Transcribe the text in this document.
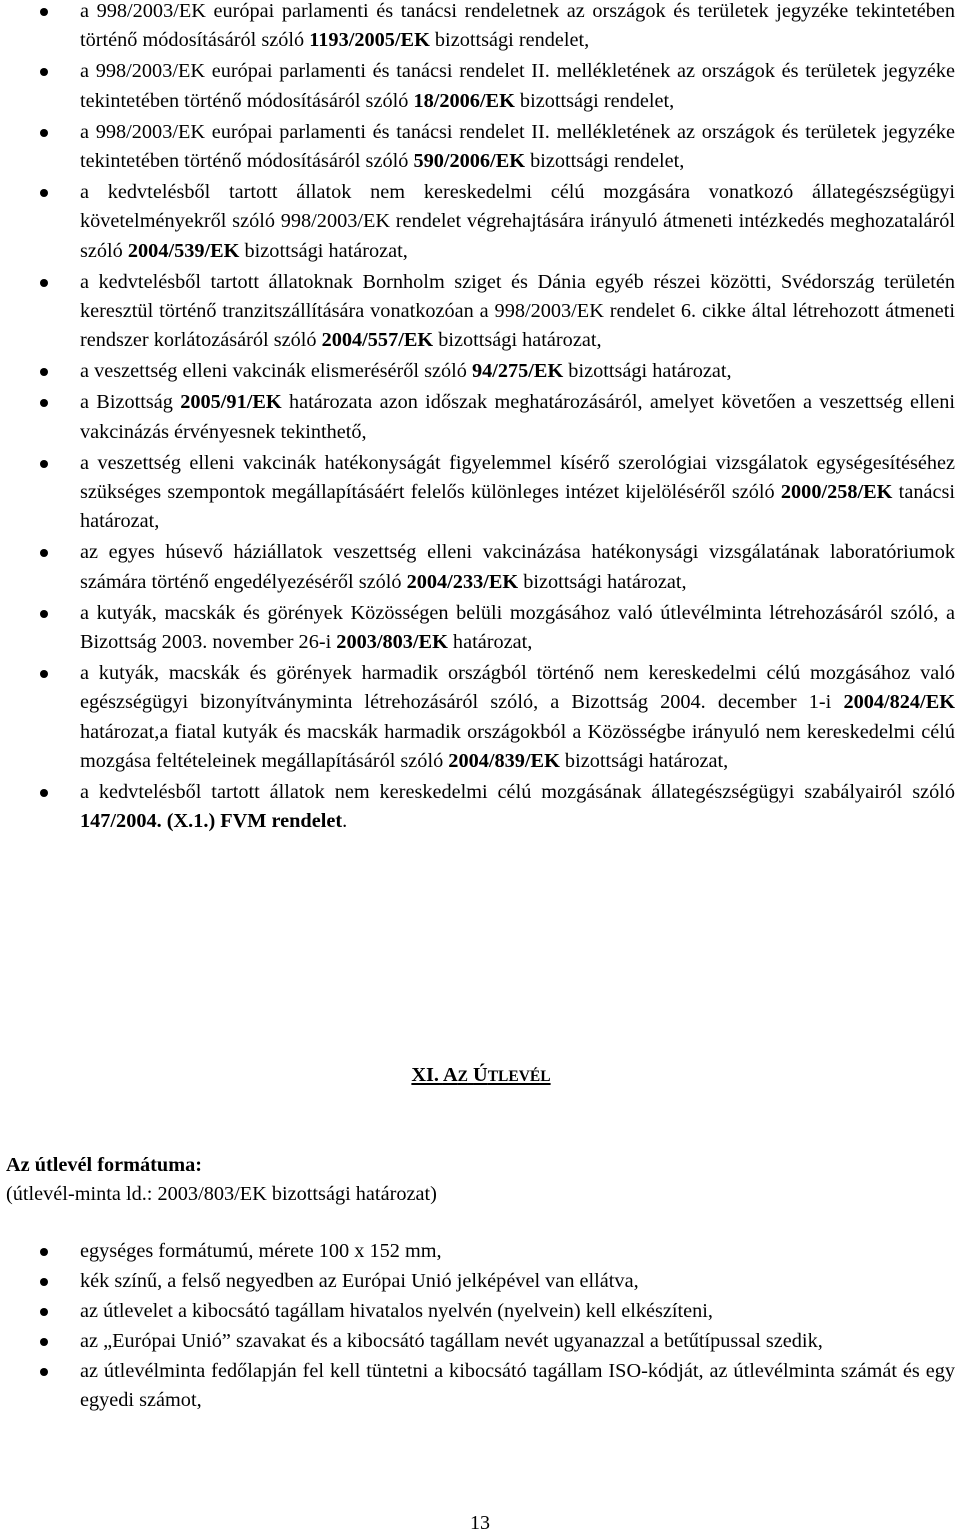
a 998/2003/EK európai parlamenti és tanácsi rendeletnek az országok és területek jegyzéke tekintetében történő módosításáról szóló 1193/2005/EK bizottsági rendelet,
a 998/2003/EK európai parlamenti és tanácsi rendelet II. mellékletének az országok és területek jegyzéke tekintetében történő módosításáról szóló 18/2006/EK bizottsági rendelet,
a 998/2003/EK európai parlamenti és tanácsi rendelet II. mellékletének az országok és területek jegyzéke tekintetében történő módosításáról szóló 590/2006/EK bizottsági rendelet,
a kedvtelésből tartott állatok nem kereskedelmi célú mozgására vonatkozó állategészségügyi követelményekről szóló 998/2003/EK rendelet végrehajtására irányuló átmeneti intézkedés meghozataláról szóló 2004/539/EK bizottsági határozat,
a kedvtelésből tartott állatoknak Bornholm sziget és Dánia egyéb részei közötti, Svédország területén keresztül történő tranzitszállítására vonatkozóan a 998/2003/EK rendelet 6. cikke által létrehozott átmeneti rendszer korlátozásáról szóló 2004/557/EK bizottsági határozat,
a veszettség elleni vakcinák elismeréséről szóló 94/275/EK bizottsági határozat,
a Bizottság 2005/91/EK határozata azon időszak meghatározásáról, amelyet követően a veszettség elleni vakcinázás érvényesnek tekinthető,
a veszettség elleni vakcinák hatékonyságát figyelemmel kísérő szerológiai vizsgálatok egységesítéséhez szükséges szempontok megállapításáért felelős különleges intézet kijelöléséről szóló 2000/258/EK tanácsi határozat,
az egyes húsevő háziállatok veszettség elleni vakcinázása hatékonysági vizsgálatának laboratóriumok számára történő engedélyezéséről szóló 2004/233/EK bizottsági határozat,
a kutyák, macskák és görények Közösségen belüli mozgásához való útlevélminta létrehozásáról szóló, a Bizottság 2003. november 26-i 2003/803/EK határozat,
a kutyák, macskák és görények harmadik országból történő nem kereskedelmi célú mozgásához való egészségügyi bizonyítványminta létrehozásáról szóló, a Bizottság 2004. december 1-i 2004/824/EK határozat,a fiatal kutyák és macskák harmadik országokból a Közösségbe irányuló nem kereskedelmi célú mozgása feltételeinek megállapításáról szóló 2004/839/EK bizottsági határozat,
a kedvtelésből tartott állatok nem kereskedelmi célú mozgásának állategészségügyi szabályairól szóló 147/2004. (X.1.) FVM rendelet.
XI. AZ ÚTLEVÉL
Az útlevél formátuma:
(útlevél-minta ld.: 2003/803/EK bizottsági határozat)
egységes formátumú, mérete 100 x 152 mm,
kék színű, a felső negyedben az Európai Unió jelképével van ellátva,
az útlevelet a kibocsátó tagállam hivatalos nyelvén (nyelvein) kell elkészíteni,
az „Európai Unió” szavakat és a kibocsátó tagállam nevét ugyanazzal a betűtípussal szedik,
az útlevélminta fedőlapján fel kell tüntetni a kibocsátó tagállam ISO-kódját, az útlevélminta számát és egy egyedi számot,
13
